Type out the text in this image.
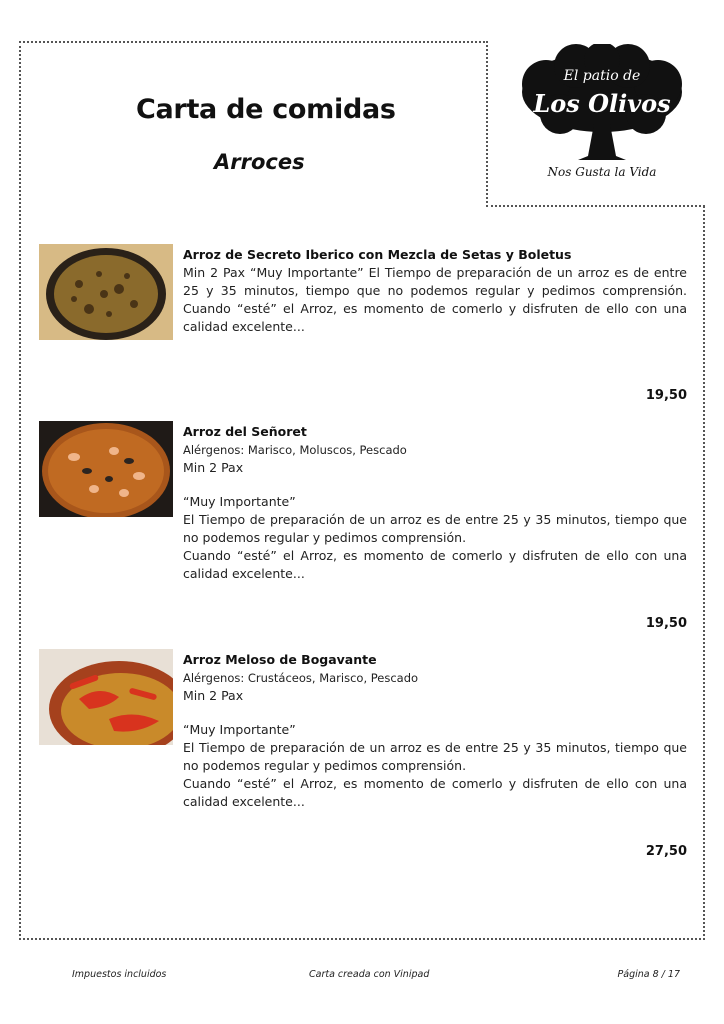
El patio de
Los Olivos
Nos Gusta la Vida
Carta de comidas
Arroces
Arroz de Secreto Iberico con Mezcla de Setas y Boletus
Min 2 Pax “Muy Importante” El Tiempo de preparación de un arroz es de entre 25 y 35 minutos, tiempo que no podemos regular y pedimos comprensión. Cuando “esté” el Arroz, es momento de comerlo y disfruten de ello con una calidad excelente...
19,50
Arroz del Señoret
Alérgenos: Marisco, Moluscos, Pescado
Min 2 Pax
“Muy Importante”
El Tiempo de preparación de un arroz es de entre 25 y 35 minutos, tiempo que no podemos regular y pedimos comprensión.
Cuando “esté” el Arroz, es momento de comerlo y disfruten de ello con una calidad excelente...
19,50
Arroz Meloso de Bogavante
Alérgenos: Crustáceos, Marisco, Pescado
Min 2 Pax
“Muy Importante”
El Tiempo de preparación de un arroz es de entre 25 y 35 minutos, tiempo que no podemos regular y pedimos comprensión.
Cuando “esté” el Arroz, es momento de comerlo y disfruten de ello con una calidad excelente...
27,50
Impuestos incluidos	Carta creada con Vinipad	Página 8 / 17
